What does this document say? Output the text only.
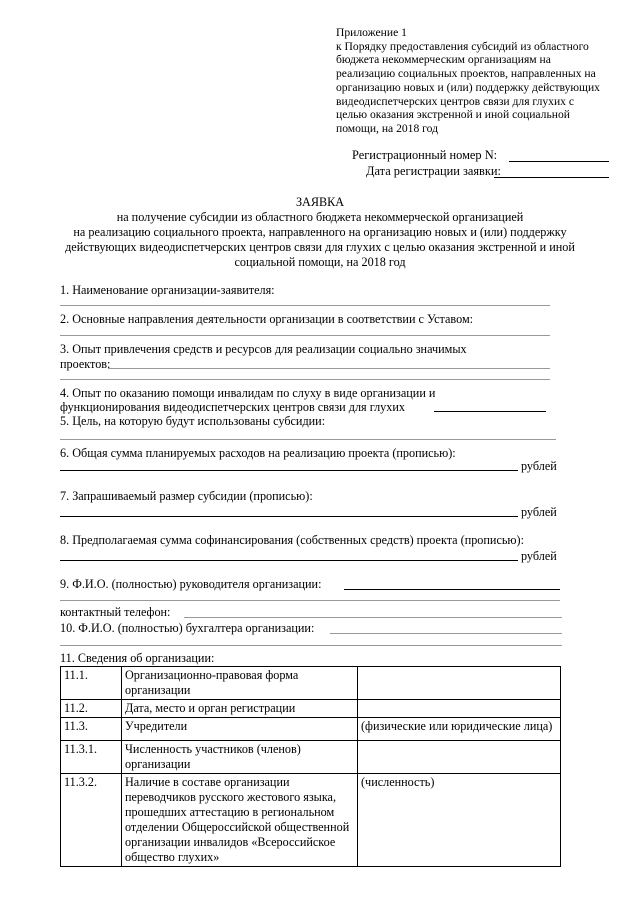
Приложение 1
к Порядку предоставления субсидий из областного
бюджета некоммерческим организациям на
реализацию социальных проектов, направленных на
организацию новых и (или) поддержку действующих
видеодиспетчерских центров связи для глухих с
целью оказания экстренной и иной социальной
помощи, на 2018 год
Регистрационный номер N:
Дата регистрации заявки:
ЗАЯВКА
на получение субсидии из областного бюджета некоммерческой организацией
на реализацию социального проекта, направленного на организацию новых и (или) поддержку
действующих видеодиспетчерских центров связи для глухих с целью оказания экстренной и иной
социальной помощи, на 2018 год
1. Наименование организации-заявителя:
2. Основные направления деятельности организации в соответствии с Уставом:
3. Опыт привлечения средств и ресурсов для реализации социально значимых
проектов:
4. Опыт по оказанию помощи инвалидам по слуху в виде организации и
функционирования видеодиспетчерских центров связи для глухих
5. Цель, на которую будут использованы субсидии:
6. Общая сумма планируемых расходов на реализацию проекта (прописью):
рублей
7. Запрашиваемый размер субсидии (прописью):
рублей
8. Предполагаемая сумма софинансирования (собственных средств) проекта (прописью):
рублей
9. Ф.И.О. (полностью) руководителя организации:
контактный телефон:
10. Ф.И.О. (полностью) бухгалтера организации:
11. Сведения об организации:
11.1.	Организационно-правовая форма организации	
11.2.	Дата, место и орган регистрации	
11.3.	Учредители	(физические или юридические лица)
11.3.1.	Численность участников (членов) организации	
11.3.2.	Наличие в составе организации переводчиков русского жестового языка, прошедших аттестацию в региональном отделении Общероссийской общественной организации инвалидов «Всероссийское общество глухих»	(численность)
